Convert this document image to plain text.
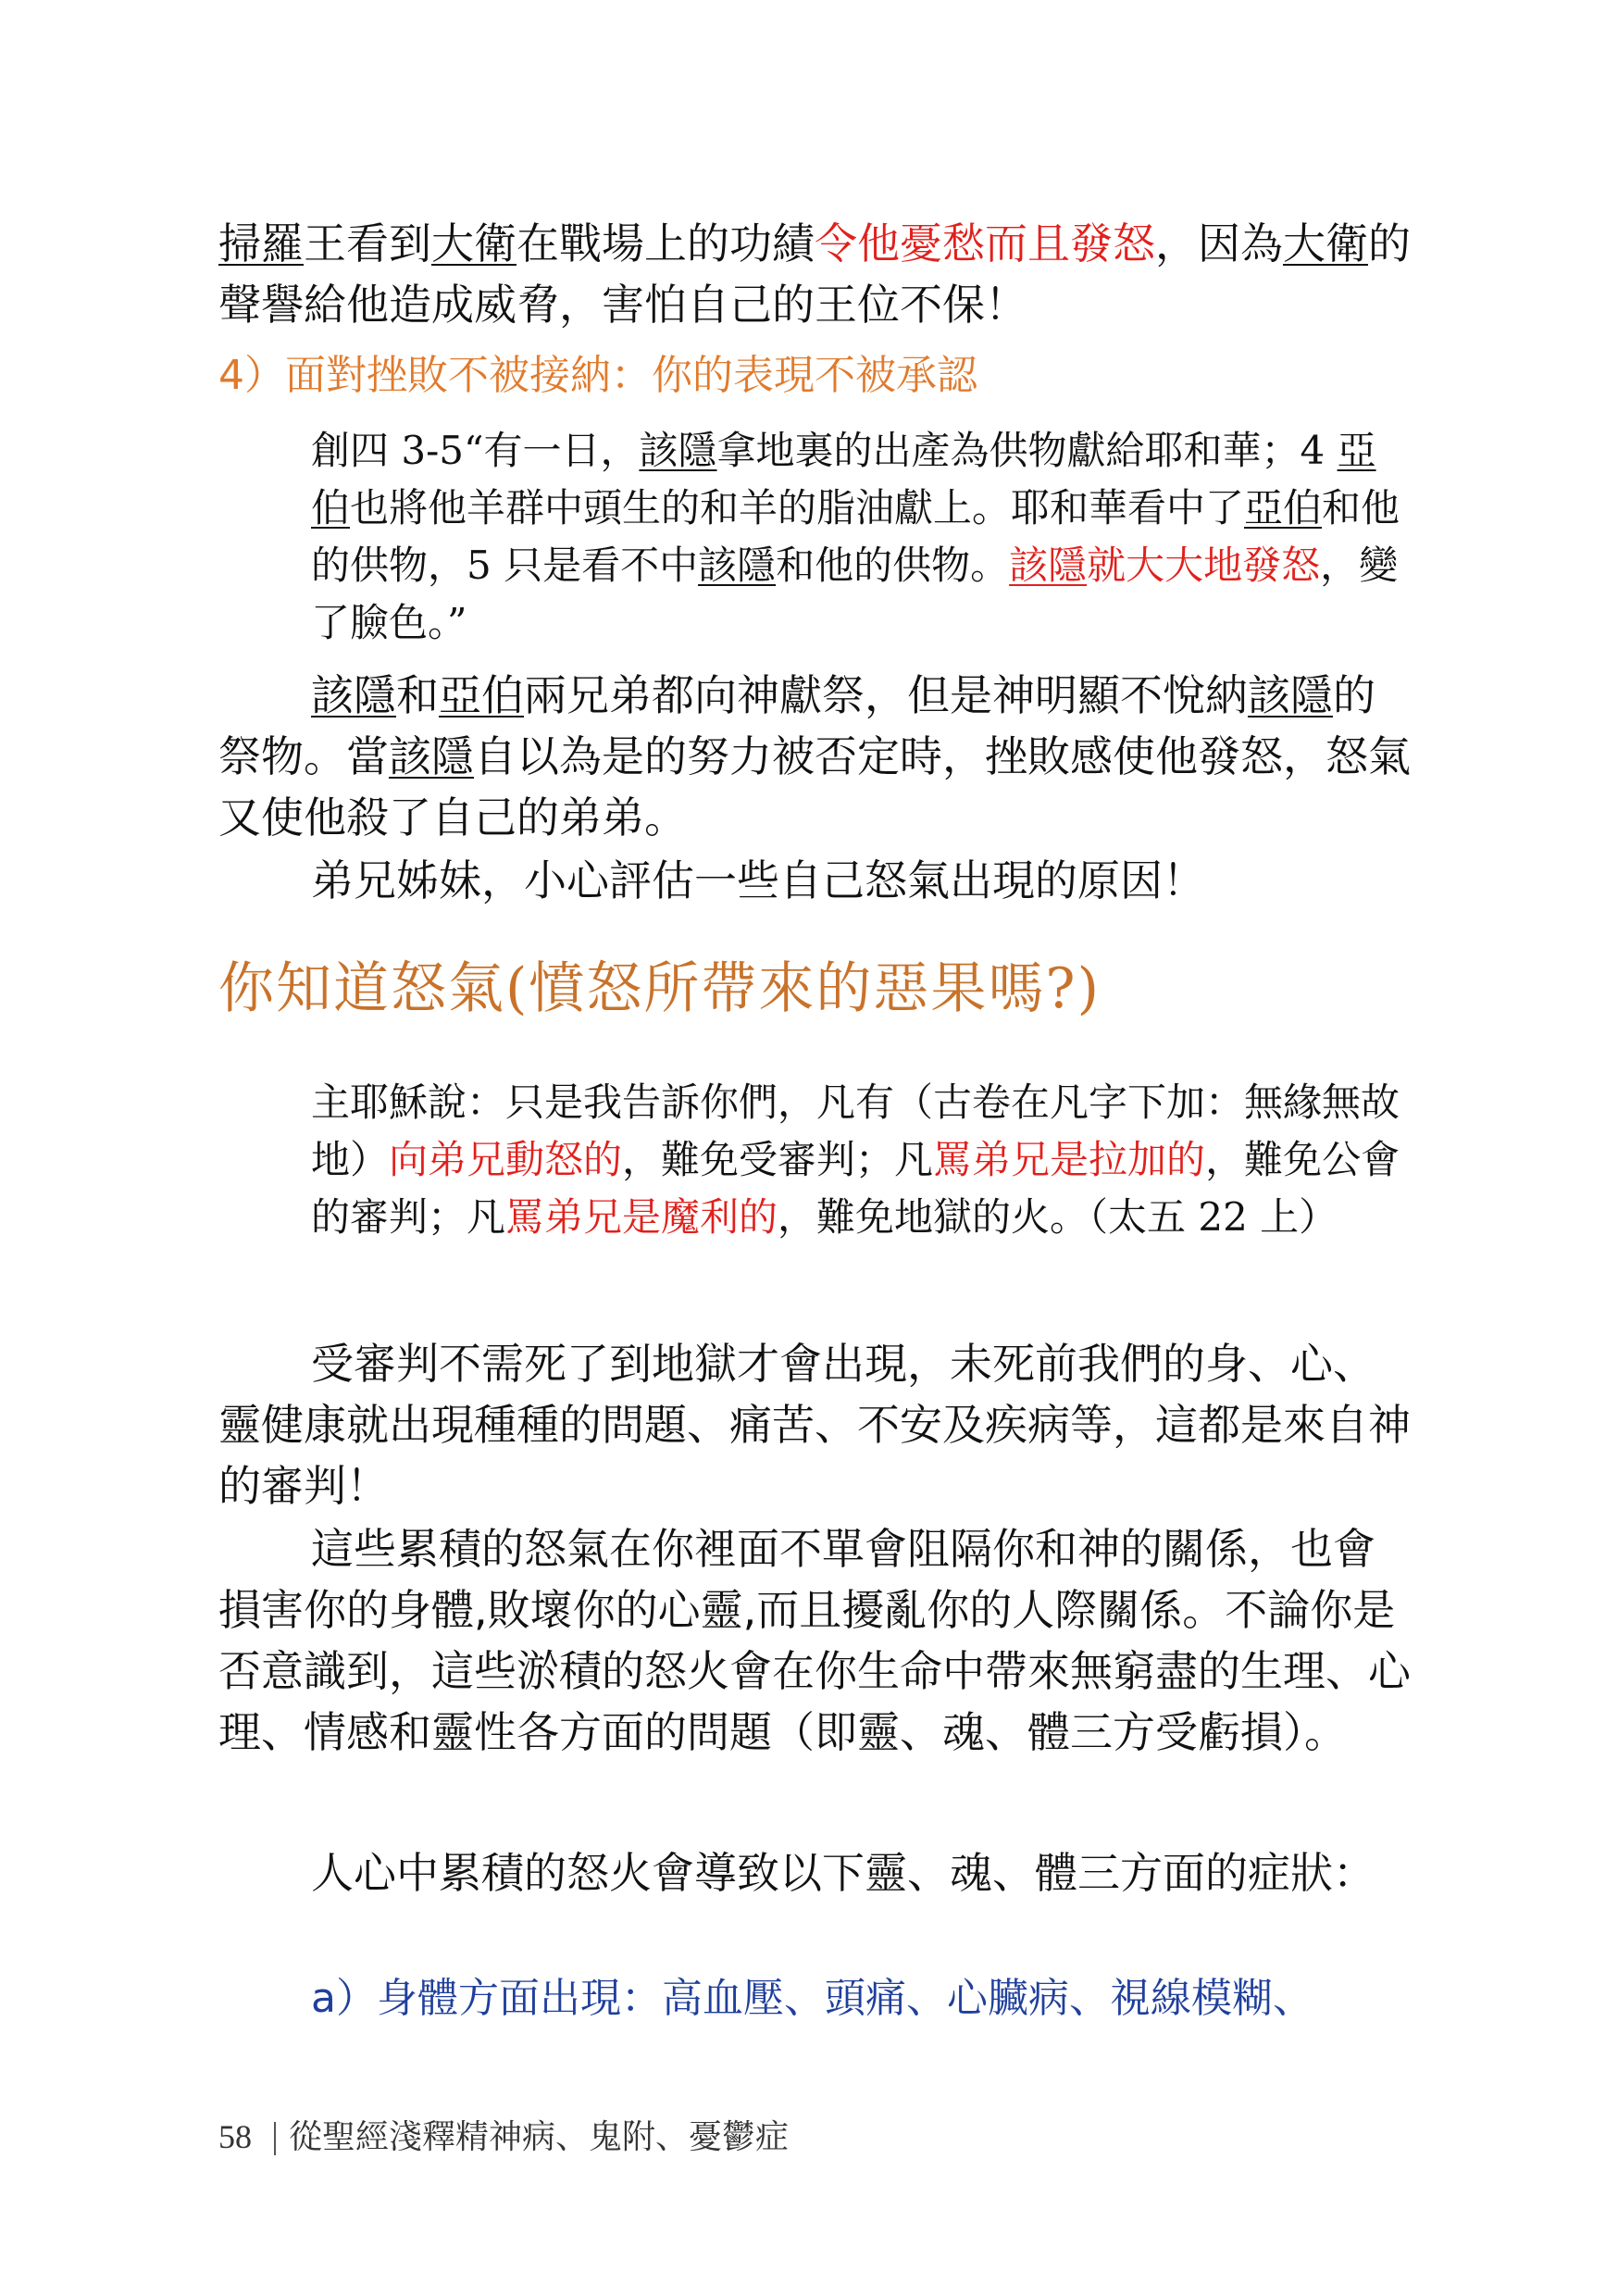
掃羅王看到大衛在戰場上的功績令他憂愁而且發怒，因為大衛的聲譽給他造成威脅，害怕自己的王位不保！
4）面對挫敗不被接納：你的表現不被承認
創四 3-5“有一日，該隱拿地裏的出產為供物獻給耶和華；4 亞伯也將他羊群中頭生的和羊的脂油獻上。耶和華看中了亞伯和他的供物，5 只是看不中該隱和他的供物。該隱就大大地發怒，變了臉色。”
該隱和亞伯兩兄弟都向神獻祭，但是神明顯不悅納該隱的祭物。當該隱自以為是的努力被否定時，挫敗感使他發怒，怒氣又使他殺了自己的弟弟。
弟兄姊妹，小心評估一些自己怒氣出現的原因！
你知道怒氣(憤怒所帶來的惡果嗎?)
主耶穌說：只是我告訴你們，凡有（古卷在凡字下加：無緣無故地）向弟兄動怒的，難免受審判；凡罵弟兄是拉加的，難免公會的審判；凡罵弟兄是魔利的，難免地獄的火。（太五 22 上）
受審判不需死了到地獄才會出現，未死前我們的身、心、靈健康就出現種種的問題、痛苦、不安及疾病等，這都是來自神的審判！
這些累積的怒氣在你裡面不單會阻隔你和神的關係，也會損害你的身體,敗壞你的心靈,而且擾亂你的人際關係。不論你是否意識到，這些淤積的怒火會在你生命中帶來無窮盡的生理、心理、情感和靈性各方面的問題（即靈、魂、體三方受虧損）。
人心中累積的怒火會導致以下靈、魂、體三方面的症狀：
a）身體方面出現：高血壓、頭痛、心臟病、視線模糊、
58 從聖經淺釋精神病、鬼附、憂鬱症
